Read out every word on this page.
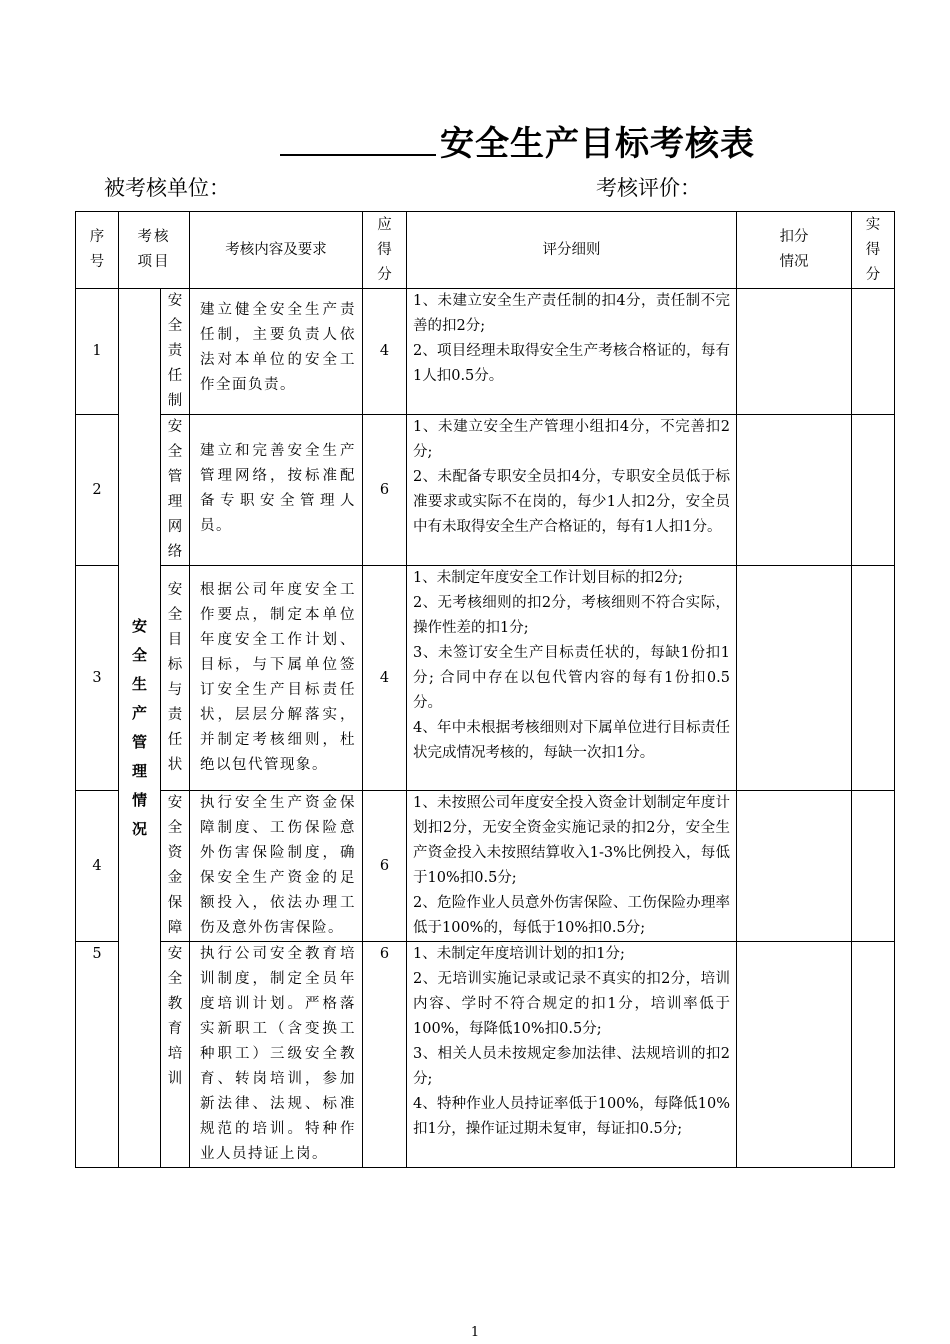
安全生产目标考核表
被考核单位：	考核评价：
序号	考核项目		考核内容及要求	应得分	评分细则	扣分情况	实得分

1	安全生产管理情况	安全责任制	建立健全安全生产责任制，主要负责人依法对本单位的安全工作全面负责。	4	1、未建立安全生产责任制的扣4分，责任制不完善的扣2分;
2、项目经理未取得安全生产考核合格证的，每有1人扣0.5分。		

2		安全管理网络	建立和完善安全生产管理网络，按标准配备专职安全管理人员。	6	1、未建立安全生产管理小组扣4分，不完善扣2分;
2、未配备专职安全员扣4分，专职安全员低于标准要求或实际不在岗的，每少1人扣2分，安全员中有未取得安全生产合格证的，每有1人扣1分。		

3		安全目标与责任状	根据公司年度安全工作要点，制定本单位年度安全工作计划、目标，与下属单位签订安全生产目标责任状，层层分解落实，并制定考核细则，杜绝以包代管现象。	4	1、未制定年度安全工作计划目标的扣2分;
2、无考核细则的扣2分，考核细则不符合实际，操作性差的扣1分;
3、未签订安全生产目标责任状的，每缺1份扣1分; 合同中存在以包代管内容的每有1份扣0.5分。
4、年中未根据考核细则对下属单位进行目标责任状完成情况考核的，每缺一次扣1分。		

4		安全资金保障	执行安全生产资金保障制度、工伤保险意外伤害保险制度，确保安全生产资金的足额投入，依法办理工伤及意外伤害保险。	6	1、未按照公司年度安全投入资金计划制定年度计划扣2分，无安全资金实施记录的扣2分，安全生产资金投入未按照结算收入1-3%比例投入，每低于10%扣0.5分;
2、危险作业人员意外伤害保险、工伤保险办理率低于100%的，每低于10%扣0.5分;		

5		安全教育培训	执行公司安全教育培训制度，制定全员年度培训计划。严格落实新职工（含变换工种职工）三级安全教育、转岗培训，参加新法律、法规、标准规范的培训。特种作业人员持证上岗。	6	1、未制定年度培训计划的扣1分;
2、无培训实施记录或记录不真实的扣2分，培训内容、学时不符合规定的扣1分，培训率低于100%，每降低10%扣0.5分;
3、相关人员未按规定参加法律、法规培训的扣2分;
4、特种作业人员持证率低于100%，每降低10%扣1分，操作证过期未复审，每证扣0.5分;		

1
